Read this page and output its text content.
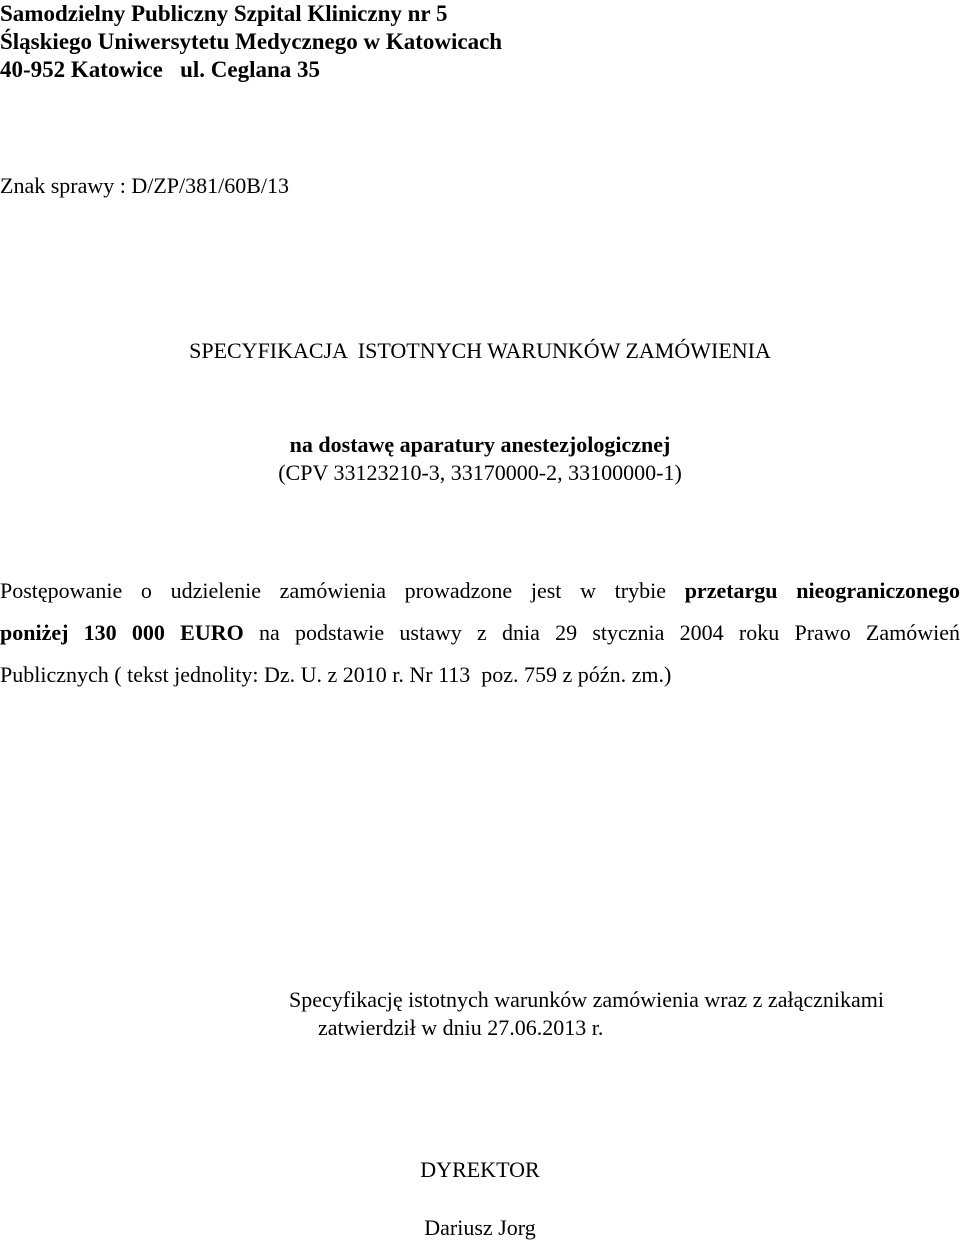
Samodzielny Publiczny Szpital Kliniczny nr 5
Śląskiego Uniwersytetu Medycznego w Katowicach
40-952 Katowice   ul. Ceglana 35
Znak sprawy : D/ZP/381/60B/13
SPECYFIKACJA  ISTOTNYCH WARUNKÓW ZAMÓWIENIA
na dostawę aparatury anestezjologicznej
(CPV 33123210-3, 33170000-2, 33100000-1)
Postępowanie o udzielenie zamówienia prowadzone jest w trybie przetargu nieograniczonego
poniżej 130 000 EURO na podstawie ustawy z dnia 29 stycznia 2004 roku Prawo Zamówień
Publicznych ( tekst jednolity: Dz. U. z 2010 r. Nr 113  poz. 759 z późn. zm.)
Specyfikację istotnych warunków zamówienia wraz z załącznikami
zatwierdził w dniu 27.06.2013 r.
DYREKTOR
Dariusz Jorg
